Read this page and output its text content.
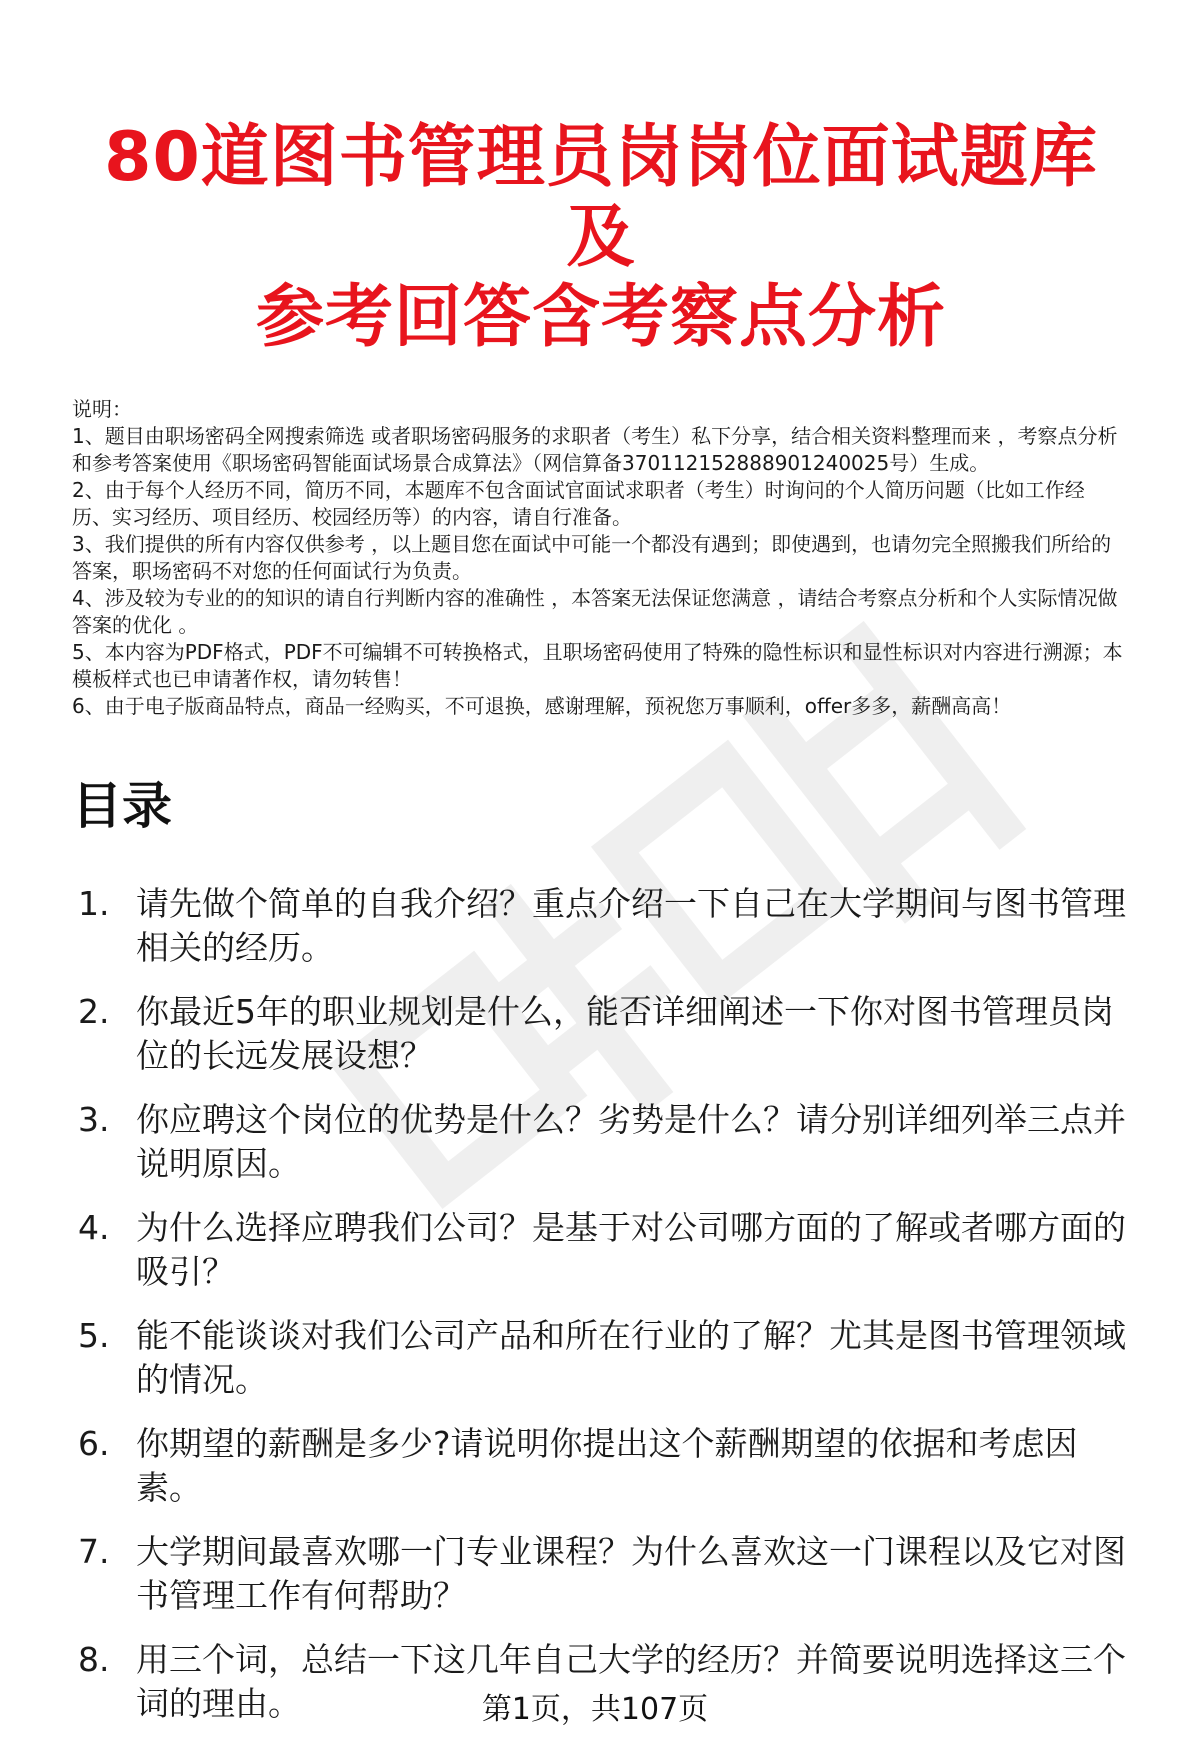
80道图书管理员岗岗位面试题库及
参考回答含考察点分析

说明：

1、题目由职场密码全网搜索筛选 或者职场密码服务的求职者（考生）私下分享，结合相关资料整理而来 ，考察点分析和参考答案使用《职场密码智能面试场景合成算法》（网信算备370112152888901240025号）生成。

2、由于每个人经历不同，简历不同，本题库不包含面试官面试求职者（考生）时询问的个人简历问题（比如工作经历、实习经历、项目经历、校园经历等）的内容，请自行准备。

3、我们提供的所有内容仅供参考 ，以上题目您在面试中可能一个都没有遇到；即使遇到，也请勿完全照搬我们所给的答案，职场密码不对您的任何面试行为负责。

4、涉及较为专业的的知识的请自行判断内容的准确性 ，本答案无法保证您满意 ，请结合考察点分析和个人实际情况做答案的优化 。

5、本内容为PDF格式，PDF不可编辑不可转换格式，且职场密码使用了特殊的隐性标识和显性标识对内容进行溯源；本模板样式也已申请著作权，请勿转售！

6、由于电子版商品特点，商品一经购买，不可退换，感谢理解，预祝您万事顺利，offer多多，薪酬高高！

目录
1. 请先做个简单的自我介绍？重点介绍一下自己在大学期间与图书管理相关的经历。
2. 你最近5年的职业规划是什么，能否详细阐述一下你对图书管理员岗位的长远发展设想？
3. 你应聘这个岗位的优势是什么？劣势是什么？请分别详细列举三点并说明原因。
4. 为什么选择应聘我们公司？是基于对公司哪方面的了解或者哪方面的吸引？
5. 能不能谈谈对我们公司产品和所在行业的了解？尤其是图书管理领域的情况。
6. 你期望的薪酬是多少?请说明你提出这个薪酬期望的依据和考虑因素。
7. 大学期间最喜欢哪一门专业课程？为什么喜欢这一门课程以及它对图书管理工作有何帮助？
8. 用三个词，总结一下这几年自己大学的经历？并简要说明选择这三个词的理由。	第1页，共107页
